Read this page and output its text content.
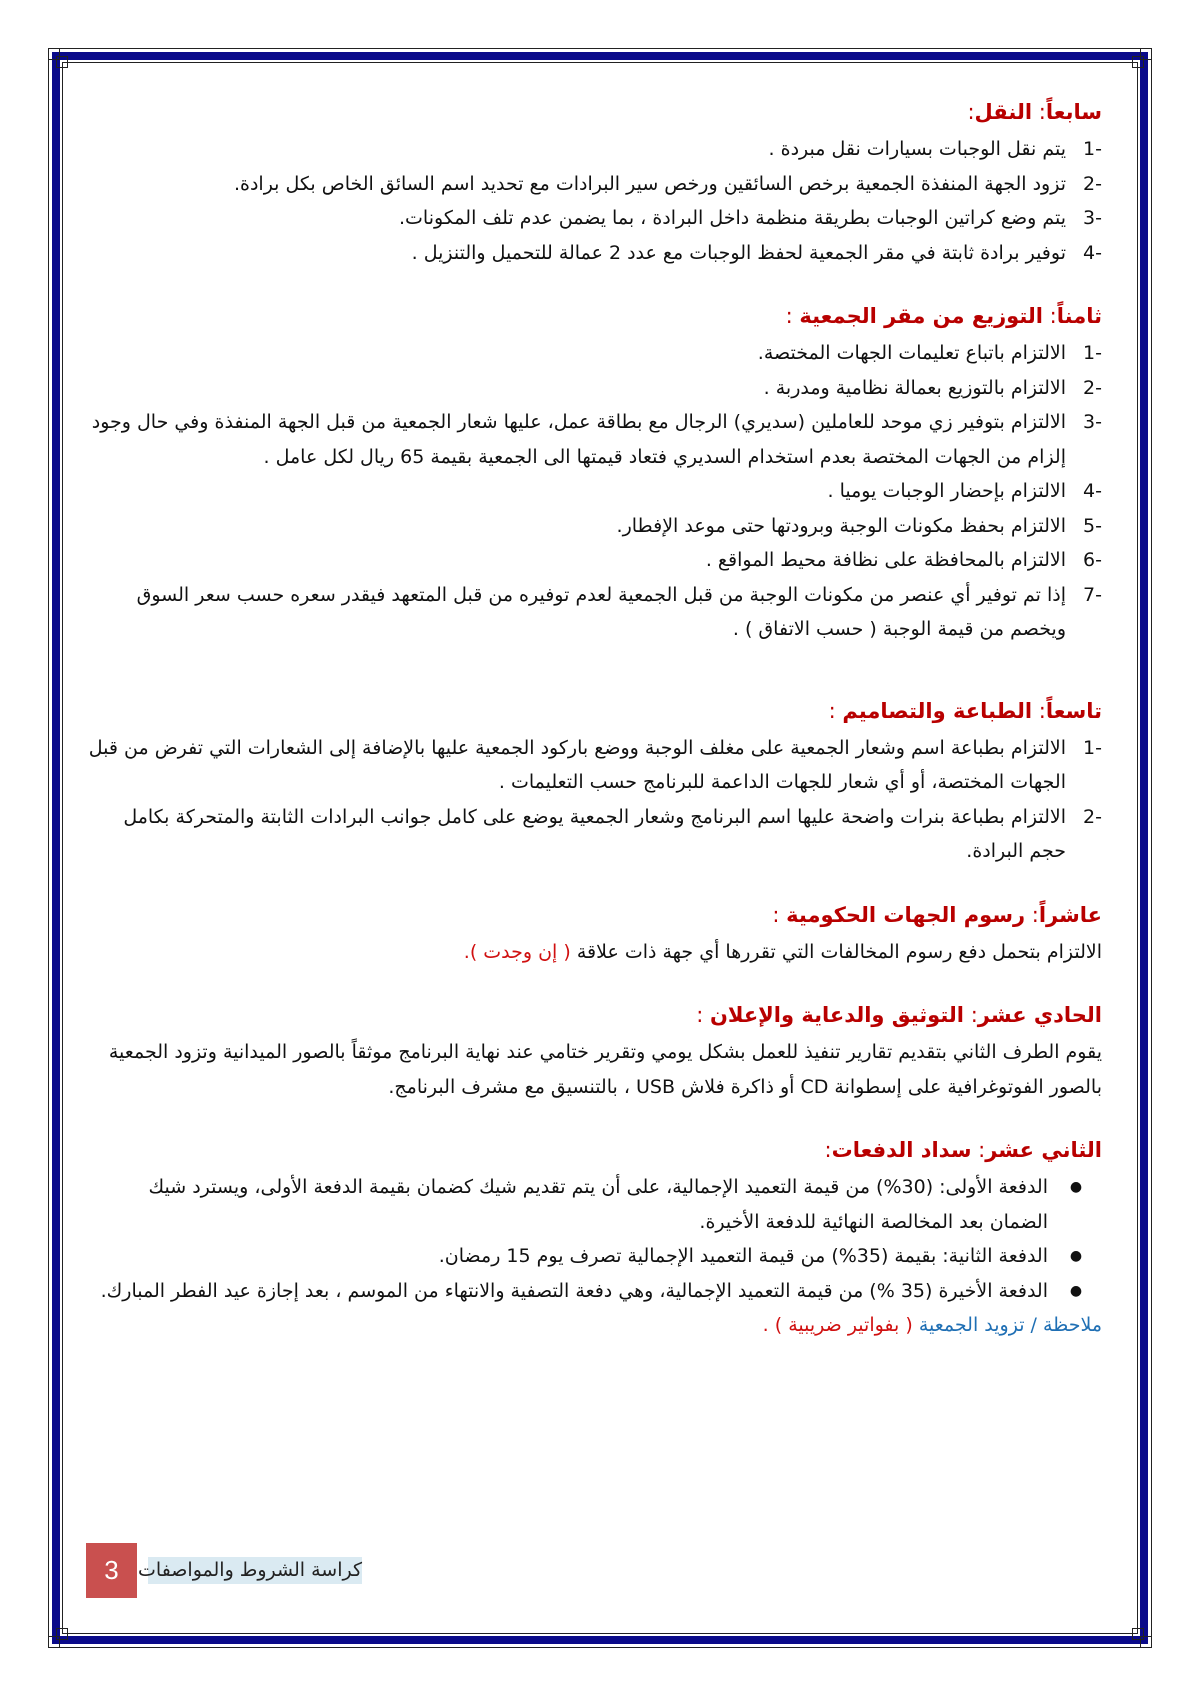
سابعاً: النقل:
1-
يتم نقل الوجبات بسيارات نقل مبردة .
2-
تزود الجهة المنفذة الجمعية برخص السائقين ورخص سير البرادات مع تحديد اسم السائق الخاص بكل برادة.
3-
يتم وضع كراتين الوجبات بطريقة منظمة داخل البرادة ، بما يضمن عدم تلف المكونات.
4-
توفير برادة ثابتة في مقر الجمعية لحفظ الوجبات مع عدد 2 عمالة للتحميل والتنزيل .
ثامناً: التوزيع من مقر الجمعية :
1-
الالتزام باتباع تعليمات الجهات المختصة.
2-
الالتزام بالتوزيع بعمالة نظامية ومدربة .
3-
الالتزام بتوفير زي موحد للعاملين (سديري) الرجال مع بطاقة عمل، عليها شعار الجمعية من قبل الجهة المنفذة وفي حال وجود إلزام من الجهات المختصة بعدم استخدام السديري فتعاد قيمتها الى الجمعية بقيمة 65 ريال لكل عامل .
4-
الالتزام بإحضار الوجبات يوميا .
5-
الالتزام بحفظ مكونات الوجبة وبرودتها حتى موعد الإفطار.
6-
الالتزام بالمحافظة على نظافة محيط المواقع .
7-
إذا تم توفير أي عنصر من مكونات الوجبة من قبل الجمعية لعدم توفيره من قبل المتعهد فيقدر سعره حسب سعر السوق ويخصم من قيمة الوجبة ( حسب الاتفاق ) .
تاسعاً: الطباعة والتصاميم :
1-
الالتزام بطباعة اسم وشعار الجمعية على مغلف الوجبة ووضع باركود الجمعية عليها بالإضافة إلى الشعارات التي تفرض من قبل الجهات المختصة، أو أي شعار للجهات الداعمة للبرنامج حسب التعليمات .
2-
الالتزام بطباعة بنرات واضحة عليها اسم البرنامج وشعار الجمعية يوضع على كامل جوانب البرادات الثابتة والمتحركة بكامل حجم البرادة.
عاشراً: رسوم الجهات الحكومية :

الالتزام بتحمل دفع رسوم المخالفات التي تقررها أي جهة ذات علاقة ( إن وجدت ).

الحادي عشر: التوثيق والدعاية والإعلان :

يقوم الطرف الثاني بتقديم تقارير تنفيذ للعمل بشكل يومي وتقرير ختامي عند نهاية البرنامج موثقاً بالصور الميدانية وتزود الجمعية بالصور الفوتوغرافية على إسطوانة CD أو ذاكرة فلاش USB ، بالتنسيق مع مشرف البرنامج.

الثاني عشر: سداد الدفعات:
●
الدفعة الأولى: (30%) من قيمة التعميد الإجمالية، على أن يتم تقديم شيك كضمان بقيمة الدفعة الأولى، ويسترد شيك الضمان بعد المخالصة النهائية للدفعة الأخيرة.
●
الدفعة الثانية: بقيمة (35%) من قيمة التعميد الإجمالية تصرف يوم 15 رمضان.
●
الدفعة الأخيرة (35 %) من قيمة التعميد الإجمالية، وهي دفعة التصفية والانتهاء من الموسم ، بعد إجازة عيد الفطر المبارك.

ملاحظة / تزويد الجمعية ( بفواتير ضريبية ) .

3	كراسة الشروط والمواصفات
